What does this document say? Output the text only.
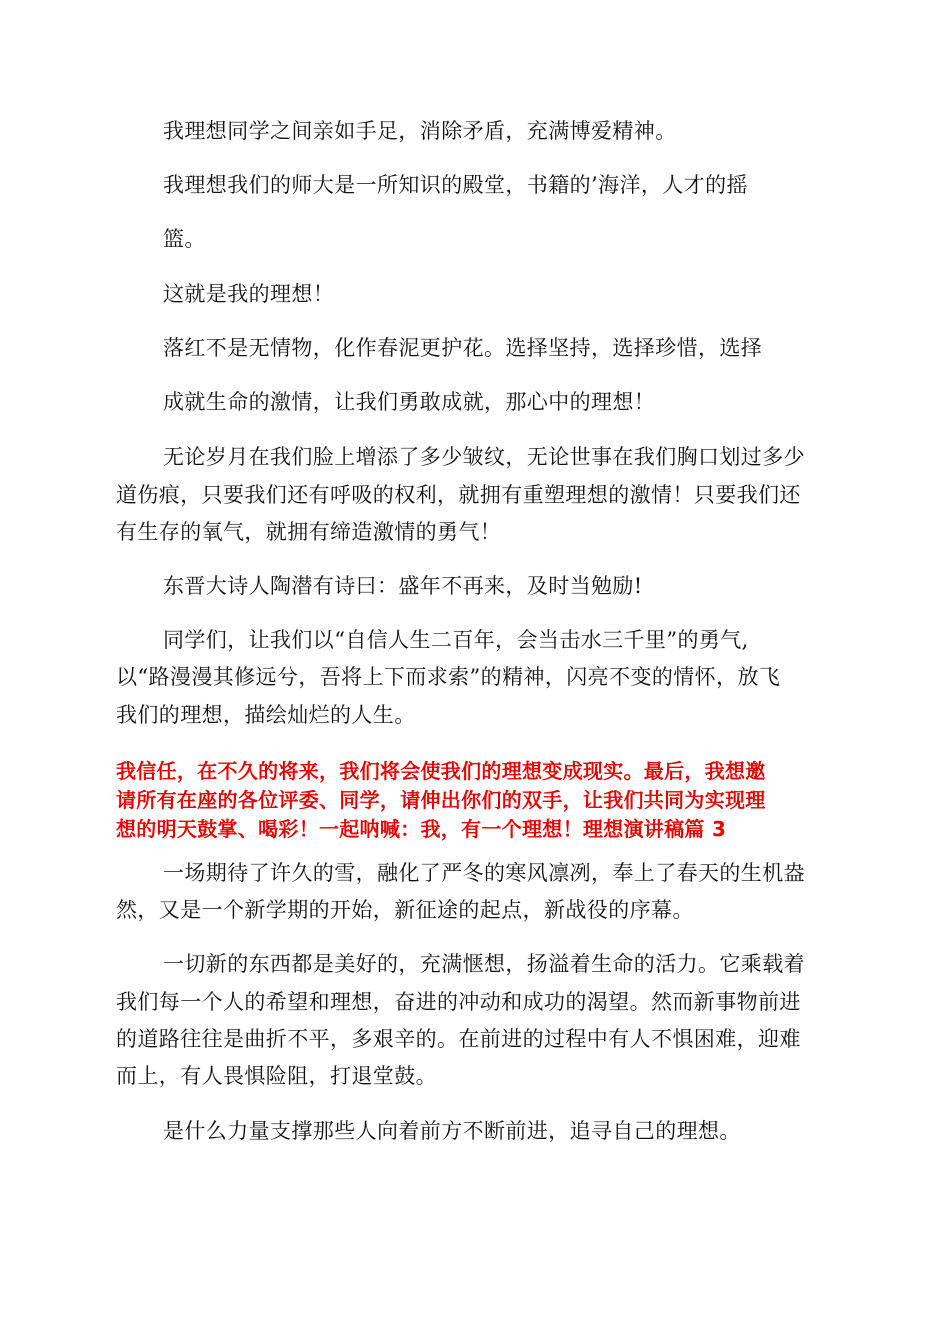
我理想同学之间亲如手足，消除矛盾，充满博爱精神。
我理想我们的师大是一所知识的殿堂，书籍的’海洋，人才的摇
篮。
这就是我的理想！
落红不是无情物，化作春泥更护花。选择坚持，选择珍惜，选择
成就生命的激情，让我们勇敢成就，那心中的理想！
无论岁月在我们脸上增添了多少皱纹，无论世事在我们胸口划过多少
道伤痕，只要我们还有呼吸的权利，就拥有重塑理想的激情！只要我们还
有生存的氧气，就拥有缔造激情的勇气！
东晋大诗人陶潜有诗曰：盛年不再来，及时当勉励!
同学们，让我们以“自信人生二百年，会当击水三千里”的勇气,
以“路漫漫其修远兮，吾将上下而求索”的精神，闪亮不变的情怀，放飞
我们的理想，描绘灿烂的人生。
我信任，在不久的将来，我们将会使我们的理想变成现实。最后，我想邀
请所有在座的各位评委、同学，请伸出你们的双手，让我们共同为实现理
想的明天鼓掌、喝彩！一起呐喊：我，有一个理想！理想演讲稿篇 3
一场期待了许久的雪，融化了严冬的寒风凛冽，奉上了春天的生机盎
然，又是一个新学期的开始，新征途的起点，新战役的序幕。
一切新的东西都是美好的，充满惬想，扬溢着生命的活力。它乘载着
我们每一个人的希望和理想，奋进的冲动和成功的渴望。然而新事物前进
的道路往往是曲折不平，多艰辛的。在前进的过程中有人不惧困难，迎难
而上，有人畏惧险阻，打退堂鼓。
是什么力量支撑那些人向着前方不断前进，追寻自己的理想。
